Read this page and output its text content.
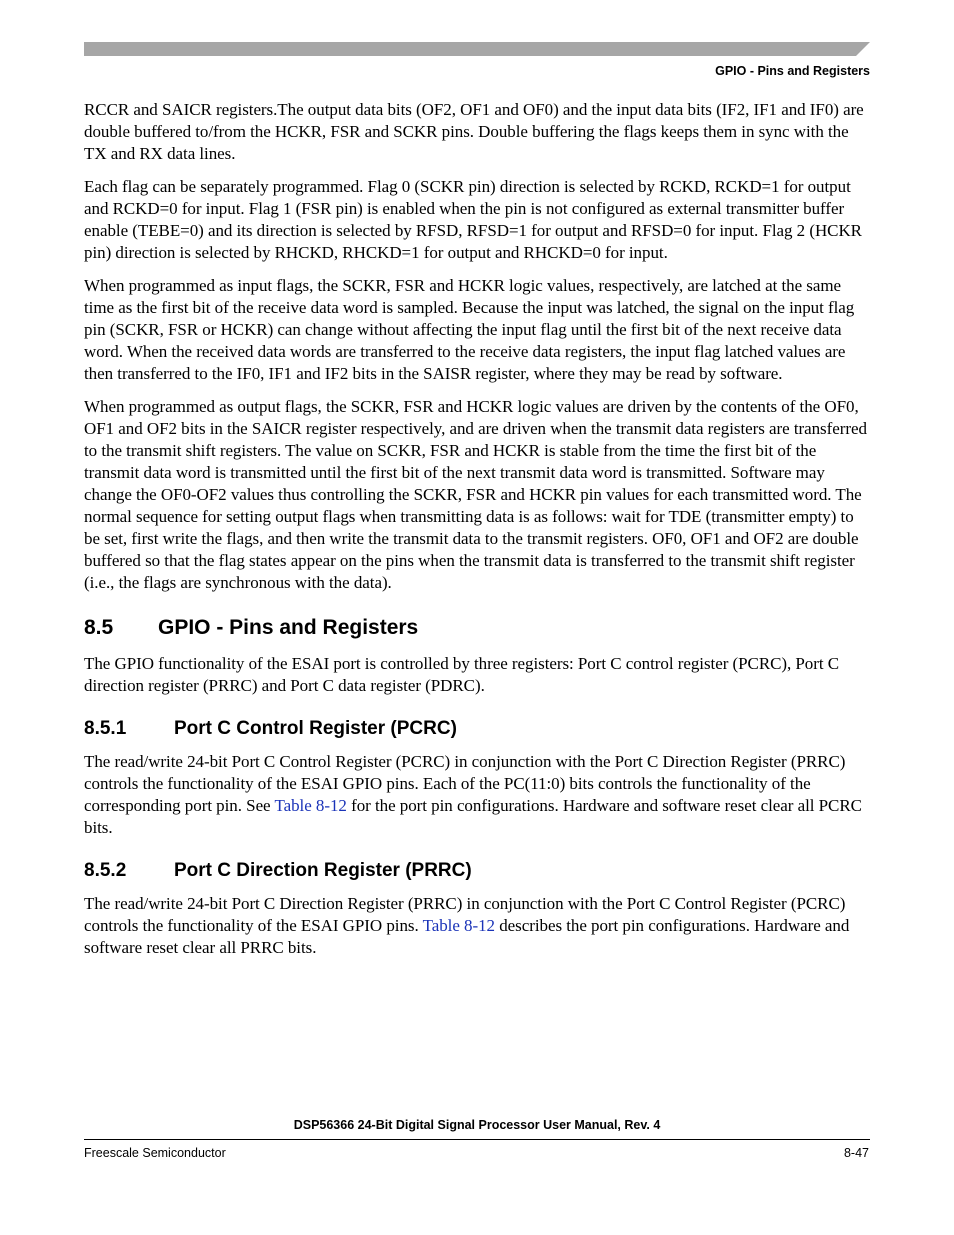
GPIO - Pins and Registers

RCCR and SAICR registers.The output data bits (OF2, OF1 and OF0) and the input data bits (IF2, IF1 and IF0) are double buffered to/from the HCKR, FSR and SCKR pins. Double buffering the flags keeps them in sync with the TX and RX data lines.

Each flag can be separately programmed. Flag 0 (SCKR pin) direction is selected by RCKD, RCKD=1 for output and RCKD=0 for input. Flag 1 (FSR pin) is enabled when the pin is not configured as external transmitter buffer enable (TEBE=0) and its direction is selected by RFSD, RFSD=1 for output and RFSD=0 for input. Flag 2 (HCKR pin) direction is selected by RHCKD, RHCKD=1 for output and RHCKD=0 for input.

When programmed as input flags, the SCKR, FSR and HCKR logic values, respectively, are latched at the same time as the first bit of the receive data word is sampled. Because the input was latched, the signal on the input flag pin (SCKR, FSR or HCKR) can change without affecting the input flag until the first bit of the next receive data word. When the received data words are transferred to the receive data registers, the input flag latched values are then transferred to the IF0, IF1 and IF2 bits in the SAISR register, where they may be read by software.

When programmed as output flags, the SCKR, FSR and HCKR logic values are driven by the contents of the OF0, OF1 and OF2 bits in the SAICR register respectively, and are driven when the transmit data registers are transferred to the transmit shift registers. The value on SCKR, FSR and HCKR is stable from the time the first bit of the transmit data word is transmitted until the first bit of the next transmit data word is transmitted. Software may change the OF0-OF2 values thus controlling the SCKR, FSR and HCKR pin values for each transmitted word. The normal sequence for setting output flags when transmitting data is as follows: wait for TDE (transmitter empty) to be set, first write the flags, and then write the transmit data to the transmit registers. OF0, OF1 and OF2 are double buffered so that the flag states appear on the pins when the transmit data is transferred to the transmit shift register (i.e., the flags are synchronous with the data).

8.5 GPIO - Pins and Registers

The GPIO functionality of the ESAI port is controlled by three registers: Port C control register (PCRC), Port C direction register (PRRC) and Port C data register (PDRC).

8.5.1	Port C Control Register (PCRC)

The read/write 24-bit Port C Control Register (PCRC) in conjunction with the Port C Direction Register (PRRC) controls the functionality of the ESAI GPIO pins. Each of the PC(11:0) bits controls the functionality of the corresponding port pin. See Table 8-12 for the port pin configurations. Hardware and software reset clear all PCRC bits.

8.5.2	Port C Direction Register (PRRC)

The read/write 24-bit Port C Direction Register (PRRC) in conjunction with the Port C Control Register (PCRC) controls the functionality of the ESAI GPIO pins. Table 8-12 describes the port pin configurations. Hardware and software reset clear all PRRC bits.

DSP56366 24-Bit Digital Signal Processor User Manual, Rev. 4
Freescale Semiconductor	8-47
